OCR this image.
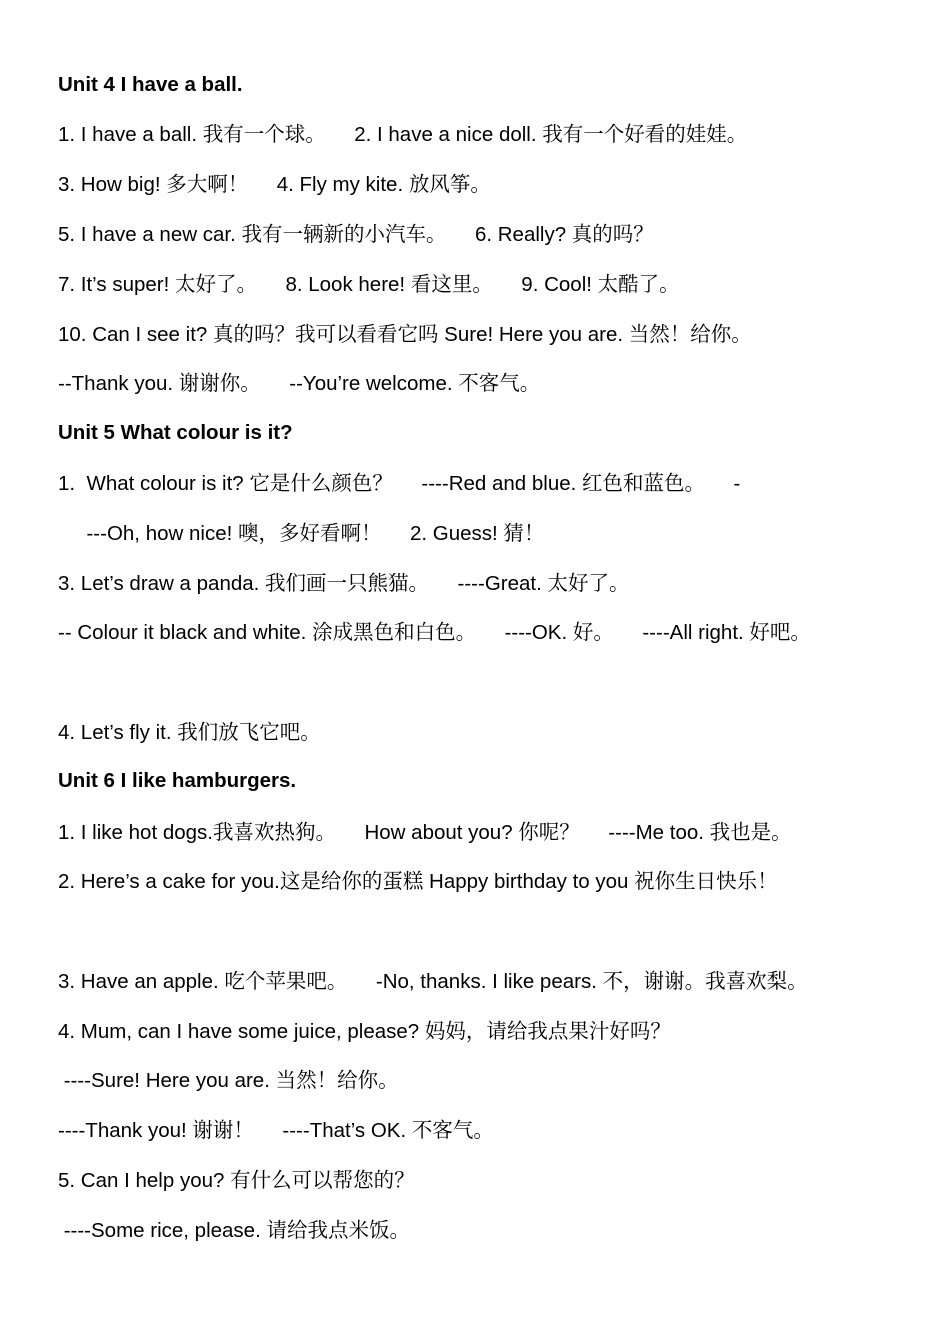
Unit 4 I have a ball.
1. I have a ball. 我有一个球。     2. I have a nice doll. 我有一个好看的娃娃。
3. How big! 多大啊！     4. Fly my kite. 放风筝。
5. I have a new car. 我有一辆新的小汽车。     6. Really? 真的吗？
7. It’s super! 太好了。     8. Look here! 看这里。     9. Cool! 太酷了。
10. Can I see it? 真的吗？我可以看看它吗 Sure! Here you are. 当然！给你。
--Thank you. 谢谢你。     --You’re welcome. 不客气。
Unit 5 What colour is it?
1.  What colour is it? 它是什么颜色？     ----Red and blue. 红色和蓝色。     -
---Oh, how nice! 噢，多好看啊！     2. Guess! 猜！
3. Let’s draw a panda. 我们画一只熊猫。     ----Great. 太好了。
-- Colour it black and white. 涂成黑色和白色。     ----OK. 好。     ----All right. 好吧。
4. Let’s fly it. 我们放飞它吧。
Unit 6 I like hamburgers.
1. I like hot dogs.我喜欢热狗。     How about you? 你呢？     ----Me too. 我也是。
2. Here’s a cake for you.这是给你的蛋糕 Happy birthday to you 祝你生日快乐！
3. Have an apple. 吃个苹果吧。     -No, thanks. I like pears. 不，谢谢。我喜欢梨。
4. Mum, can I have some juice, please? 妈妈，请给我点果汁好吗？
----Sure! Here you are. 当然！给你。
----Thank you! 谢谢！     ----That’s OK. 不客气。
5. Can I help you? 有什么可以帮您的？
----Some rice, please. 请给我点米饭。
